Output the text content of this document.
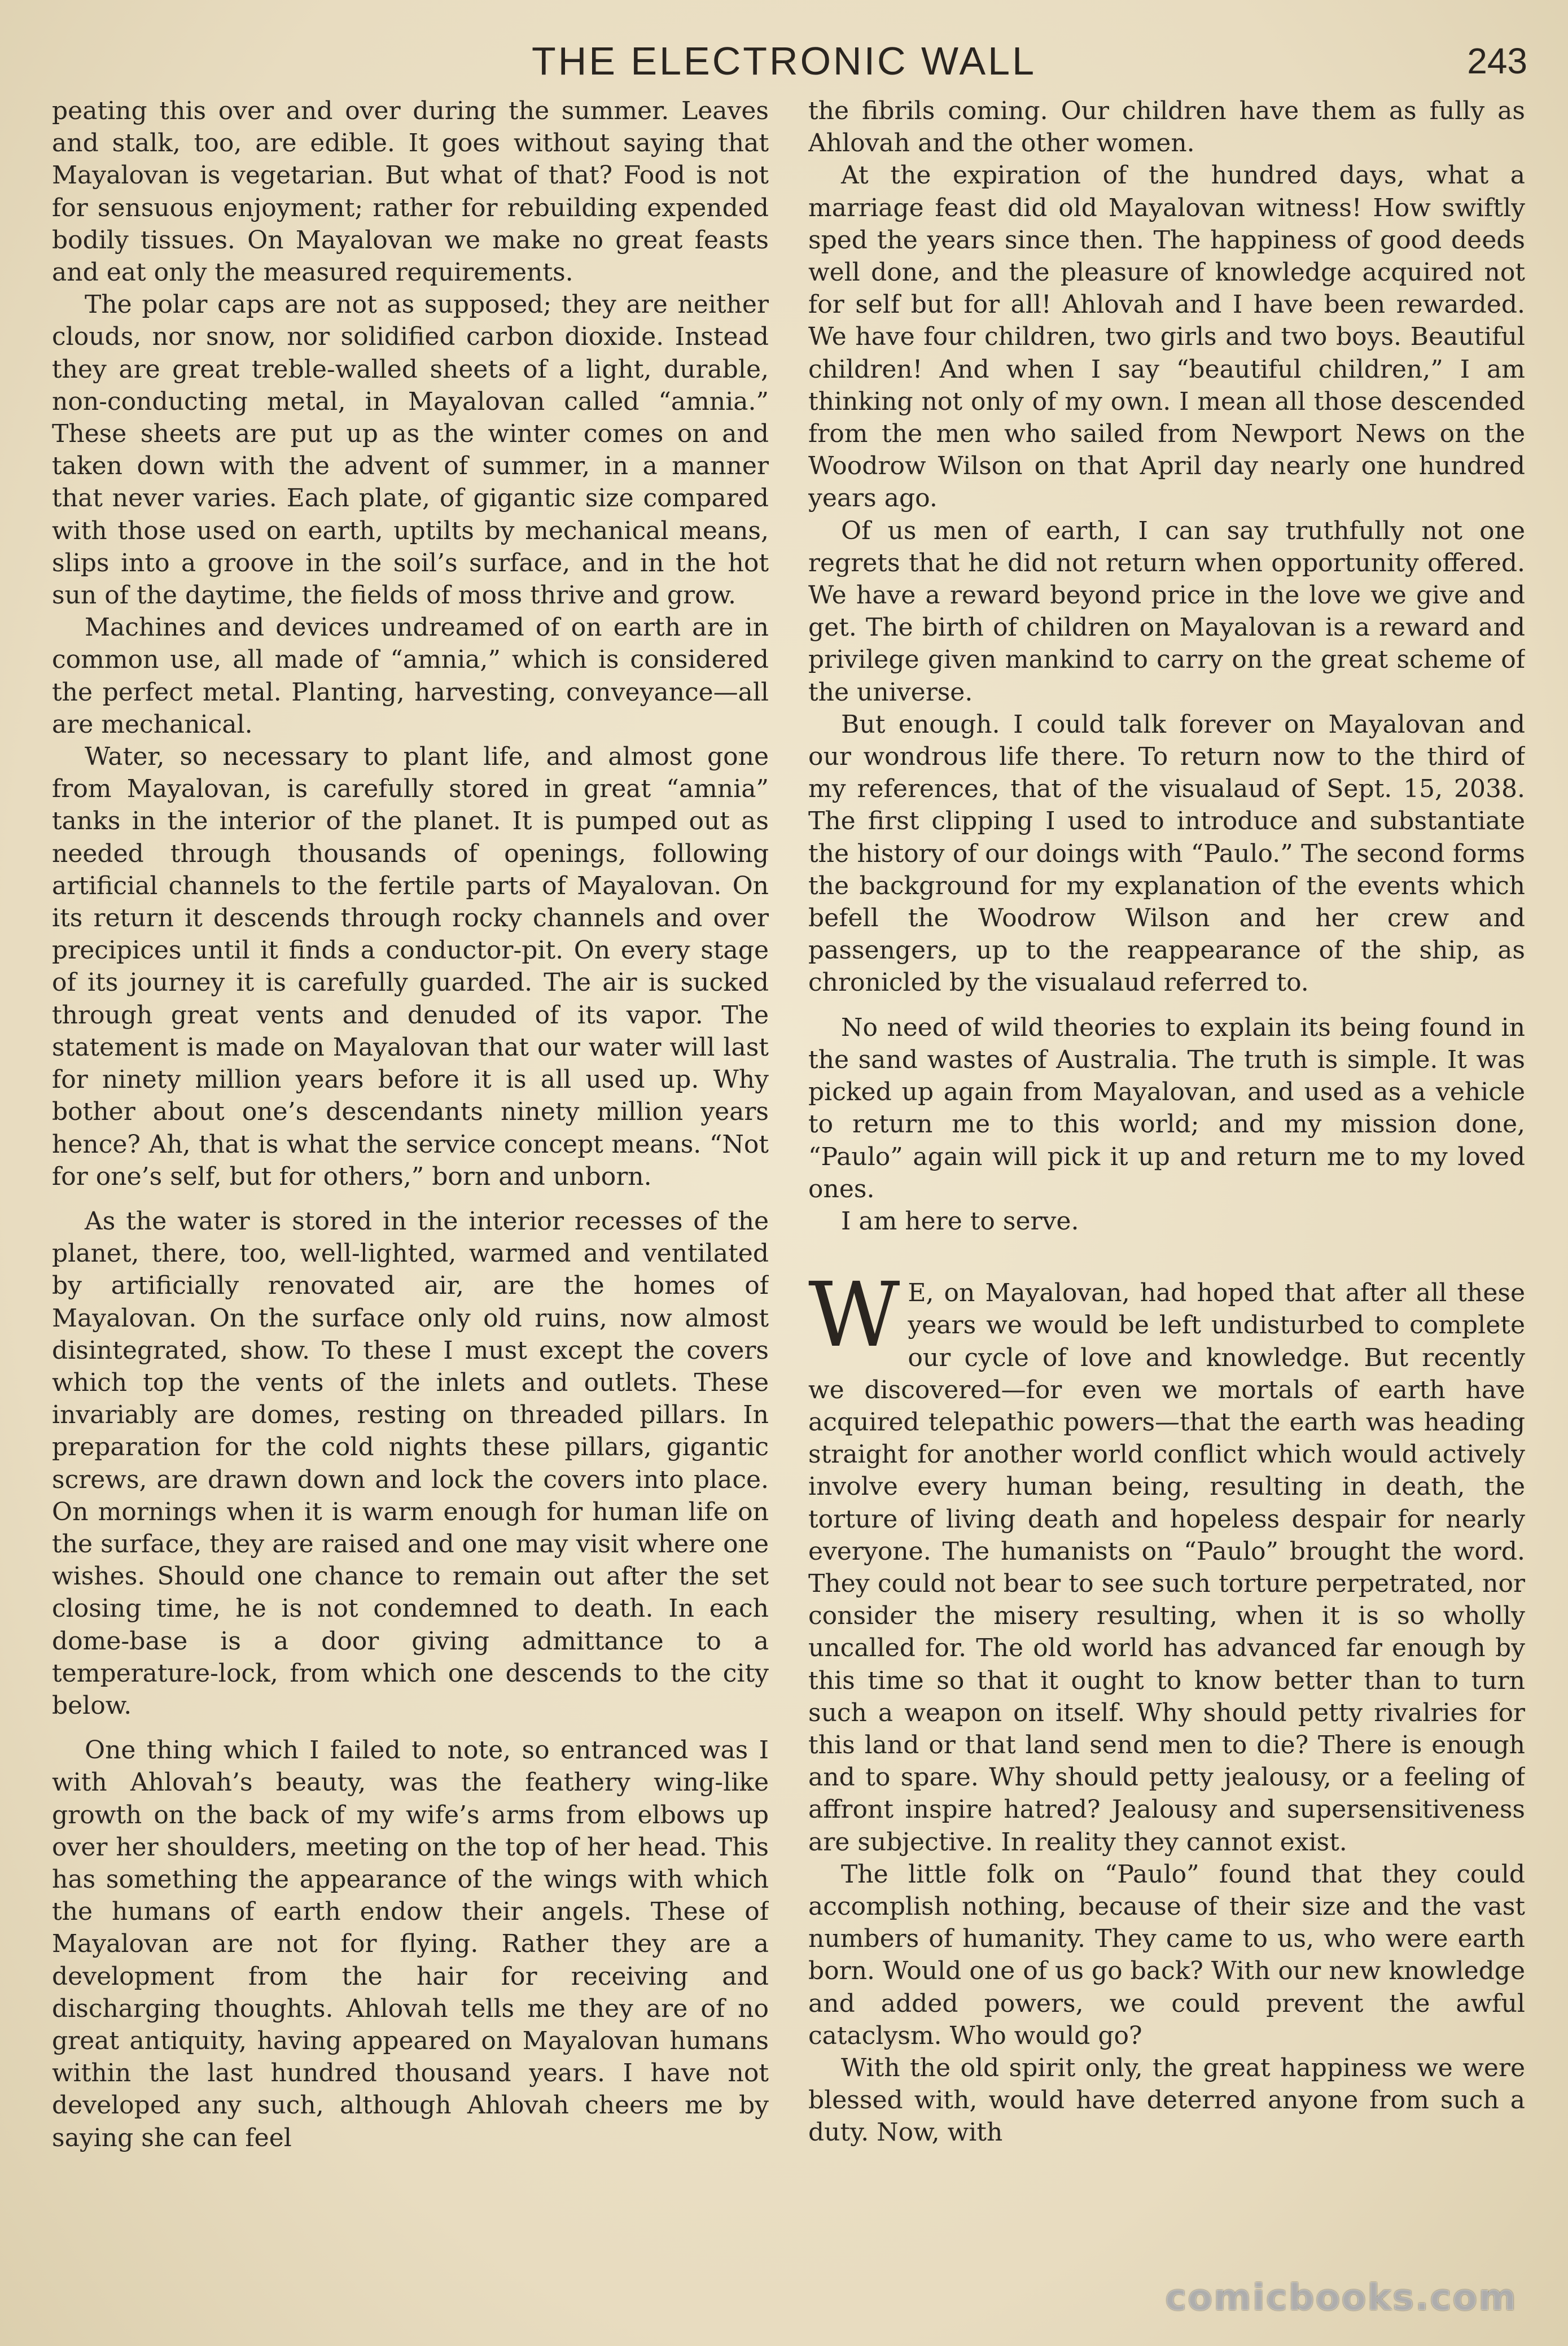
THE ELECTRONIC WALL	243

peating this over and over during the summer. Leaves and stalk, too, are edible. It goes without saying that Mayalovan is vegetarian. But what of that? Food is not for sensuous enjoyment; rather for rebuilding expended bodily tissues. On Mayalovan we make no great feasts and eat only the measured requirements.

The polar caps are not as supposed; they are neither clouds, nor snow, nor solidified carbon dioxide. Instead they are great treble-walled sheets of a light, durable, non-conducting metal, in Mayalovan called “amnia.” These sheets are put up as the winter comes on and taken down with the advent of summer, in a manner that never varies. Each plate, of gigantic size compared with those used on earth, uptilts by mechanical means, slips into a groove in the soil’s surface, and in the hot sun of the daytime, the fields of moss thrive and grow.

Machines and devices undreamed of on earth are in common use, all made of “amnia,” which is considered the perfect metal. Planting, harvesting, conveyance—all are mechanical.

Water, so necessary to plant life, and almost gone from Mayalovan, is carefully stored in great “amnia” tanks in the interior of the planet. It is pumped out as needed through thousands of openings, following artificial channels to the fertile parts of Mayalovan. On its return it descends through rocky channels and over precipices until it finds a conductor-pit. On every stage of its journey it is carefully guarded. The air is sucked through great vents and denuded of its vapor. The statement is made on Mayalovan that our water will last for ninety million years before it is all used up. Why bother about one’s descendants ninety million years hence? Ah, that is what the service concept means. “Not for one’s self, but for others,” born and unborn.

As the water is stored in the interior recesses of the planet, there, too, well-lighted, warmed and ventilated by artificially renovated air, are the homes of Mayalovan. On the surface only old ruins, now almost disintegrated, show. To these I must except the covers which top the vents of the inlets and outlets. These invariably are domes, resting on threaded pillars. In preparation for the cold nights these pillars, gigantic screws, are drawn down and lock the covers into place. On mornings when it is warm enough for human life on the surface, they are raised and one may visit where one wishes. Should one chance to remain out after the set closing time, he is not condemned to death. In each dome-base is a door giving admittance to a temperature-lock, from which one descends to the city below.

One thing which I failed to note, so entranced was I with Ahlovah’s beauty, was the feathery wing-like growth on the back of my wife’s arms from elbows up over her shoulders, meeting on the top of her head. This has something the appearance of the wings with which the humans of earth endow their angels. These of Mayalovan are not for flying. Rather they are a development from the hair for receiving and discharging thoughts. Ahlovah tells me they are of no great antiquity, having appeared on Mayalovan humans within the last hundred thousand years. I have not developed any such, although Ahlovah cheers me by saying she can feel

the fibrils coming. Our children have them as fully as Ahlovah and the other women.

At the expiration of the hundred days, what a marriage feast did old Mayalovan witness! How swiftly sped the years since then. The happiness of good deeds well done, and the pleasure of knowledge acquired not for self but for all! Ahlovah and I have been rewarded. We have four children, two girls and two boys. Beautiful children! And when I say “beautiful children,” I am thinking not only of my own. I mean all those descended from the men who sailed from Newport News on the Woodrow Wilson on that April day nearly one hundred years ago.

Of us men of earth, I can say truthfully not one regrets that he did not return when opportunity offered. We have a reward beyond price in the love we give and get. The birth of children on Mayalovan is a reward and privilege given mankind to carry on the great scheme of the universe.

But enough. I could talk forever on Mayalovan and our wondrous life there. To return now to the third of my references, that of the visualaud of Sept. 15, 2038. The first clipping I used to introduce and substantiate the history of our doings with “Paulo.” The second forms the background for my explanation of the events which befell the Woodrow Wilson and her crew and passengers, up to the reappearance of the ship, as chronicled by the visualaud referred to.

No need of wild theories to explain its being found in the sand wastes of Australia. The truth is simple. It was picked up again from Mayalovan, and used as a vehicle to return me to this world; and my mission done, “Paulo” again will pick it up and return me to my loved ones.

I am here to serve.

W E, on Mayalovan, had hoped that after all these years we would be left undisturbed to complete our cycle of love and knowledge. But recently we discovered—for even we mortals of earth have acquired telepathic powers—that the earth was heading straight for another world conflict which would actively involve every human being, resulting in death, the torture of living death and hopeless despair for nearly everyone. The humanists on “Paulo” brought the word. They could not bear to see such torture perpetrated, nor consider the misery resulting, when it is so wholly uncalled for. The old world has advanced far enough by this time so that it ought to know better than to turn such a weapon on itself. Why should petty rivalries for this land or that land send men to die? There is enough and to spare. Why should petty jealousy, or a feeling of affront inspire hatred? Jealousy and supersensitiveness are subjective. In reality they cannot exist.

The little folk on “Paulo” found that they could accomplish nothing, because of their size and the vast numbers of humanity. They came to us, who were earth born. Would one of us go back? With our new knowledge and added powers, we could prevent the awful cataclysm. Who would go?

With the old spirit only, the great happiness we were blessed with, would have deterred anyone from such a duty. Now, with

comicbooks.com
